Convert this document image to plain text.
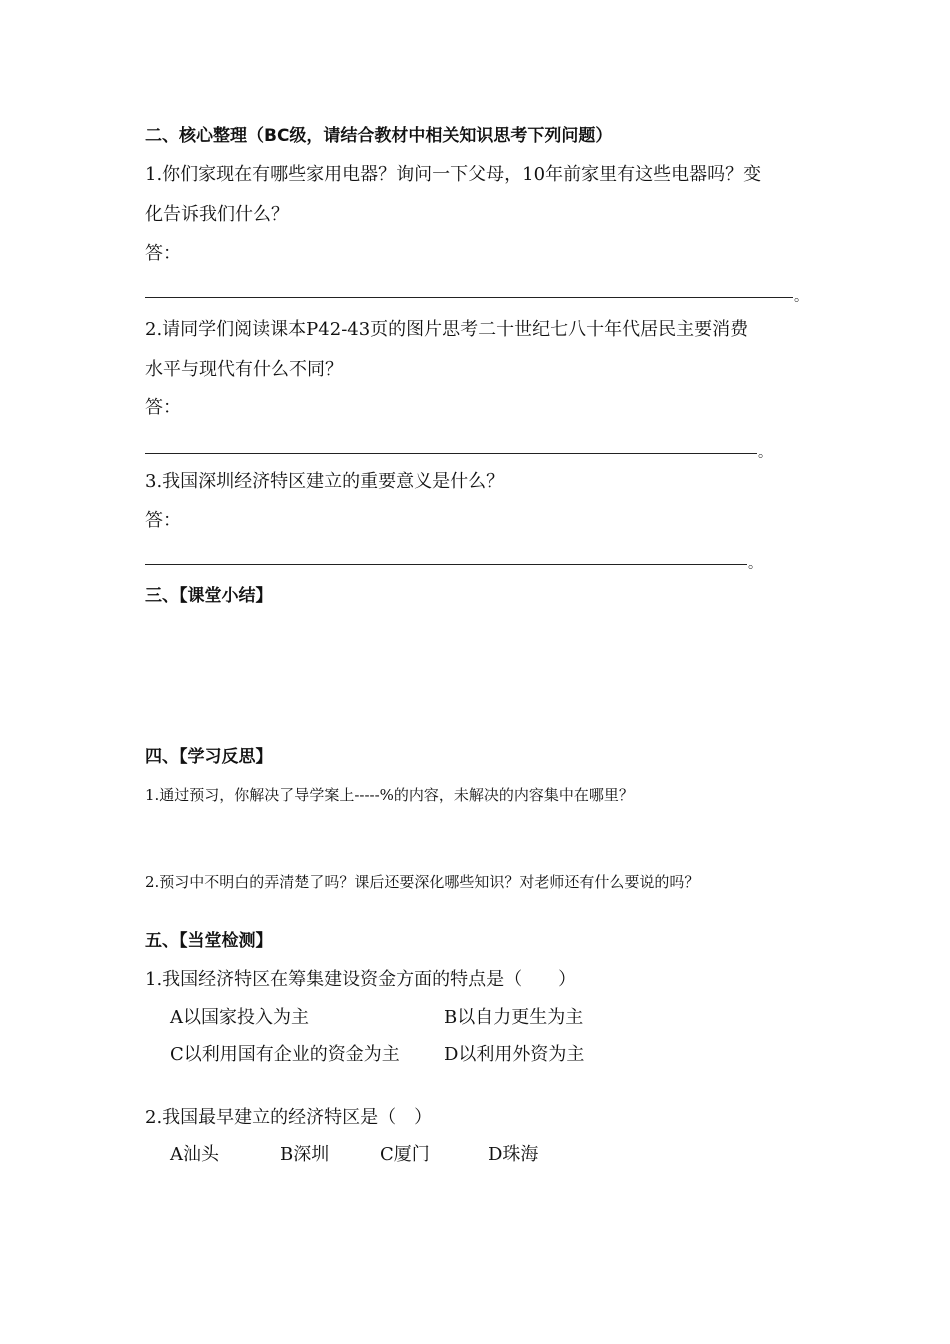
二、核心整理（BC级，请结合教材中相关知识思考下列问题）
1.你们家现在有哪些家用电器？询问一下父母，10年前家里有这些电器吗？变
化告诉我们什么？
答：
。
2.请同学们阅读课本P42-43页的图片思考二十世纪七八十年代居民主要消费
水平与现代有什么不同？
答：
。
3.我国深圳经济特区建立的重要意义是什么？
答：
。
三、【课堂小结】
四、【学习反思】
1.通过预习，你解决了导学案上-----%的内容，未解决的内容集中在哪里？
2.预习中不明白的弄清楚了吗？课后还要深化哪些知识？对老师还有什么要说的吗？
五、【当堂检测】
1.我国经济特区在筹集建设资金方面的特点是（　　）
A以国家投入为主	B以自力更生为主
C以利用国有企业的资金为主 D以利用外资为主
2.我国最早建立的经济特区是（　）
A汕头	B深圳	C厦门	D珠海
